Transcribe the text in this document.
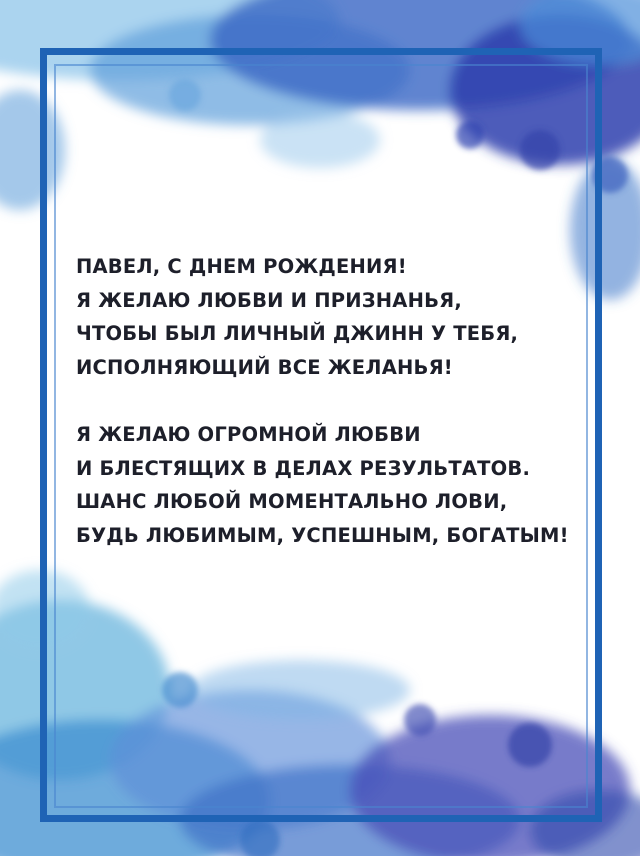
ПАВЕЛ, С ДНЕМ РОЖДЕНИЯ!
Я ЖЕЛАЮ ЛЮБВИ И ПРИЗНАНЬЯ,
ЧТОБЫ БЫЛ ЛИЧНЫЙ ДЖИНН У ТЕБЯ,
ИСПОЛНЯЮЩИЙ ВСЕ ЖЕЛАНЬЯ!
Я ЖЕЛАЮ ОГРОМНОЙ ЛЮБВИ
И БЛЕСТЯЩИХ В ДЕЛАХ РЕЗУЛЬТАТОВ.
ШАНС ЛЮБОЙ МОМЕНТАЛЬНО ЛОВИ,
БУДЬ ЛЮБИМЫМ, УСПЕШНЫМ, БОГАТЫМ!
